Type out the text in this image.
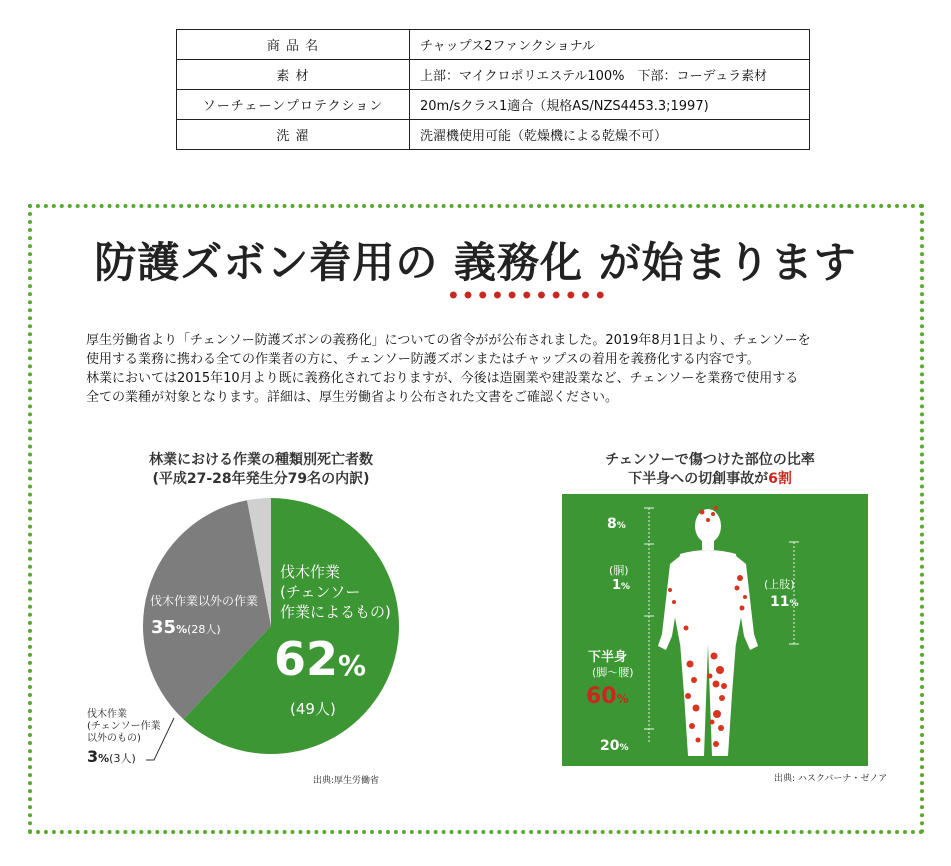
商 品 名	チャップス2ファンクショナル
素 材	上部：マイクロポリエステル100%　下部：コーデュラ素材
ソーチェーンプロテクション	20m/sクラス1適合（規格AS/NZS4453.3;1997)
洗 濯	洗濯機使用可能（乾燥機による乾燥不可）
防護ズボン着用の 義務化 が始まります

厚生労働省より「チェンソー防護ズボンの義務化」についての省令がが公布されました。2019年8月1日より、チェンソーを

使用する業務に携わる全ての作業者の方に、チェンソー防護ズボンまたはチャップスの着用を義務化する内容です。

林業においては2015年10月より既に義務化されておりますが、今後は造園業や建設業など、チェンソーを業務で使用する

全ての業種が対象となります。詳細は、厚生労働省より公布された文書をご確認ください。

林業における作業の種類別死亡者数
(平成27-28年発生分79名の内訳)
伐木作業
(チェンソー
作業によるもの)
62%
(49人)
伐木作業以外の作業
35%(28人)
伐木作業
(チェンソー作業
以外のもの)
3%(3人)
出典:厚生労働省
チェンソーで傷つけた部位の比率
下半身への切創事故が6割
8%
(胴)
1%	(上肢)
11%
下半身
(脚〜腰)
60%
20%
出典: ハスクバーナ・ゼノア
